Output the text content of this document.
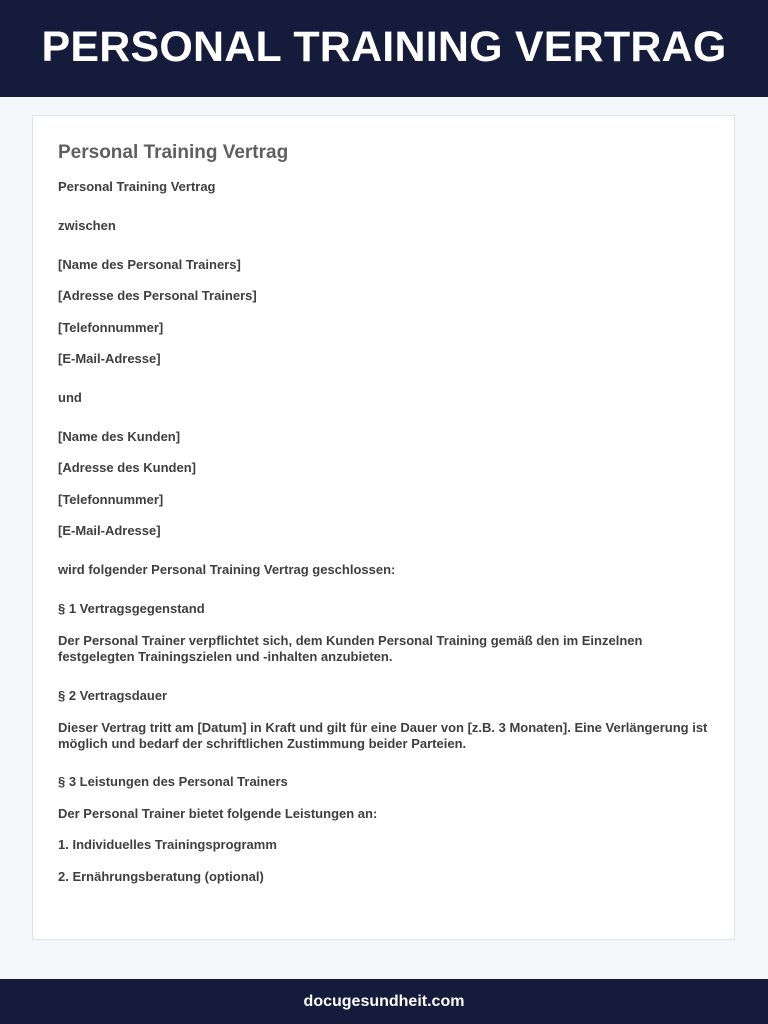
PERSONAL TRAINING VERTRAG
Personal Training Vertrag

Personal Training Vertrag

zwischen

[Name des Personal Trainers]

[Adresse des Personal Trainers]

[Telefonnummer]

[E-Mail-Adresse]

und

[Name des Kunden]

[Adresse des Kunden]

[Telefonnummer]

[E-Mail-Adresse]

wird folgender Personal Training Vertrag geschlossen:

§ 1 Vertragsgegenstand

Der Personal Trainer verpflichtet sich, dem Kunden Personal Training gemäß den im Einzelnen festgelegten Trainingszielen und -inhalten anzubieten.

§ 2 Vertragsdauer

Dieser Vertrag tritt am [Datum] in Kraft und gilt für eine Dauer von [z.B. 3 Monaten]. Eine Verlängerung ist möglich und bedarf der schriftlichen Zustimmung beider Parteien.

§ 3 Leistungen des Personal Trainers

Der Personal Trainer bietet folgende Leistungen an:

1. Individuelles Trainingsprogramm

2. Ernährungsberatung (optional)

docugesundheit.com
